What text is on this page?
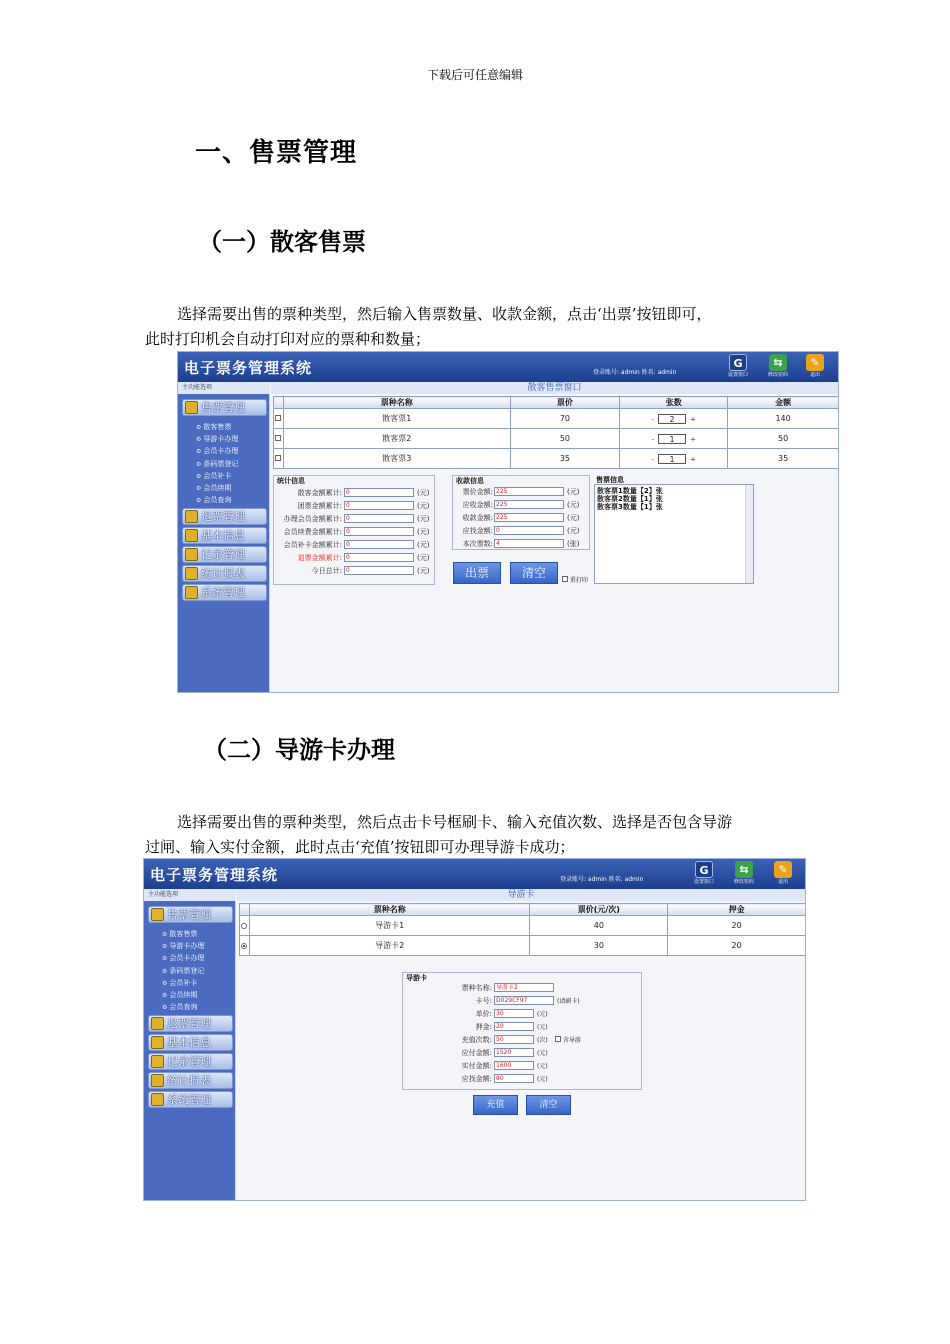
下载后可任意编辑
一、售票管理
（一）散客售票
选择需要出售的票种类型，然后输入售票数量、收款金额，点击‘出票’按钮即可，
此时打印机会自动打印对应的票种和数量；
电子票务管理系统	登录账号: admin 姓名: admin
G
设置窗口
⇆
修改密码
✎
退出
主功能选项
售票管理
⚙ 散客售票
⚙ 导游卡办理
⚙ 会员卡办理
⚙ 条码票登记
⚙ 会员补卡
⚙ 会员续期
⚙ 会员查询
退票管理
基本信息
记录管理
统计报表
系统管理
散客售票窗口
	票种名称	票价	张数	金额
	散客票1	70	- 2 +	140
	散客票2	50	- 1 +	50
	散客票3	35	- 1 +	35
统计信息
散客金额累计: 0	(元)
团票金额累计: 0	(元)
办理会员金额累计: 0	(元)
会员续费金额累计: 0	(元)
会员补卡金额累计: 0	(元)
退票金额累计: 0	(元)
今日总计: 0	(元)
收款信息
票价金额: 225	(元)
应收金额: 225	(元)
收款金额: 225	(元)
应找金额: 0	(元)
本次票数: 4	(张)
出票	清空
重打印
售票信息
散客票1数量【2】张
散客票2数量【1】张
散客票3数量【1】张
（二）导游卡办理
选择需要出售的票种类型，然后点击卡号框刷卡、输入充值次数、选择是否包含导游
过闸、输入实付金额，此时点击‘充值’按钮即可办理导游卡成功；
电子票务管理系统	登录账号: admin 姓名: admin
G
设置窗口
⇆
修改密码
✎
退出
主功能选项
售票管理
⚙ 散客售票
⚙ 导游卡办理
⚙ 会员卡办理
⚙ 条码票登记
⚙ 会员补卡
⚙ 会员续期
⚙ 会员查询
退票管理
基本信息
记录管理
统计报表
系统管理
导游卡
	票种名称	票价(元/次)	押金
	导游卡1	40	20
	导游卡2	30	20
导游卡
票种名称: 导游卡2
卡号: D029CF97	(请刷卡)
单价: 30	(元)
押金: 20	(元)
充值次数: 50	(次)	含导游
应付金额: 1520	(元)
实付金额: 1600	(元)
应找金额: 80	(元)
充值	清空
